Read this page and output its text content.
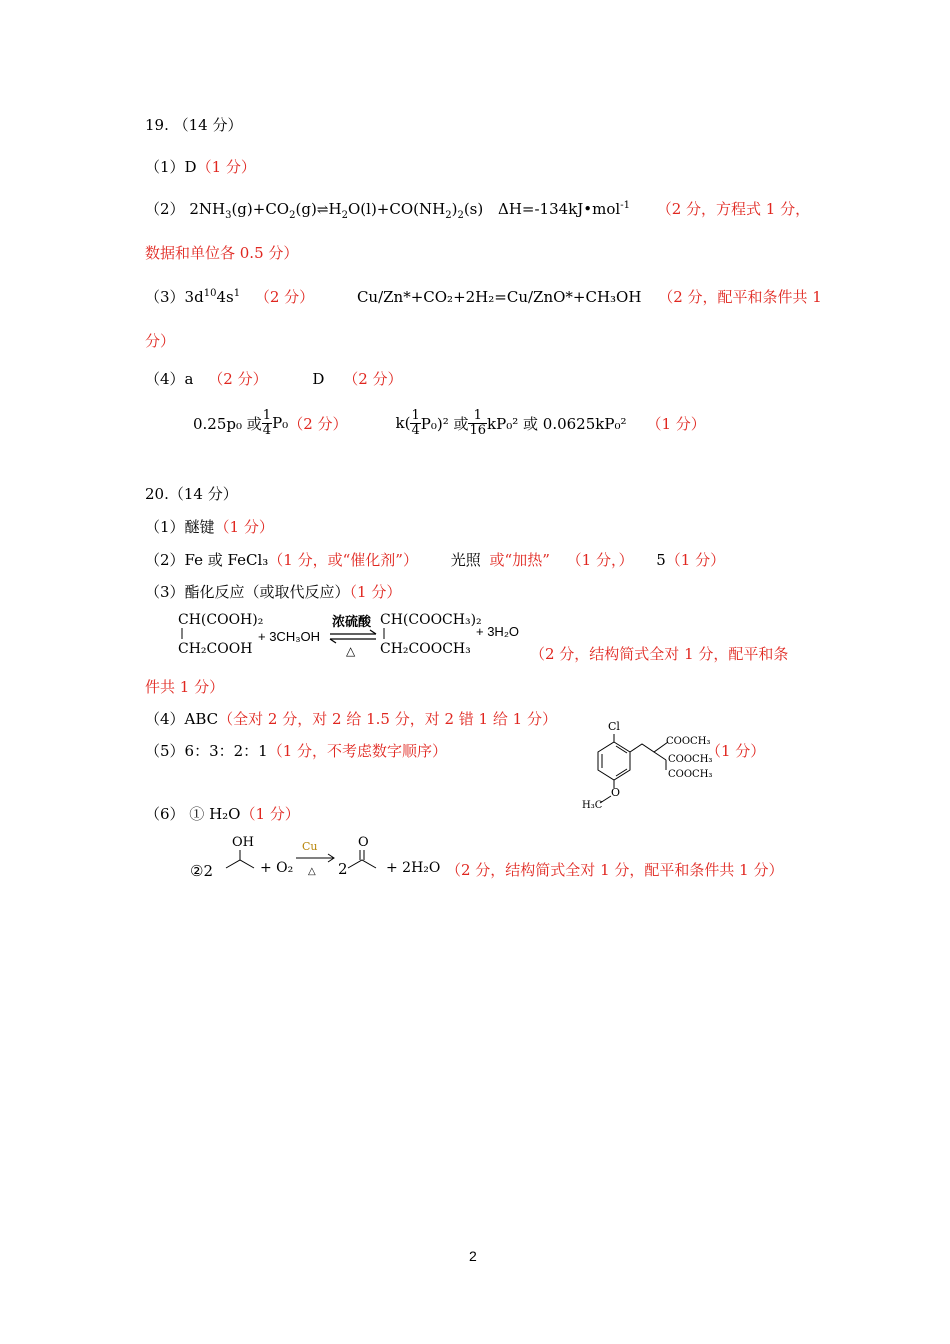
19. （14 分）
（1）D（1 分）
（2） $2NH_3(g)+CO_2(g)\rightleftharpoons H_2O(l)+CO(NH_2)_2(s)$ ΔH=-134kJ•mol$^{-1}$ （2 分，方程式 1 分，
数据和单位各 0.5 分）
$(3)3d^{10}4s^1$ （2 分）	Cu/Zn*+CO₂+2H₂=Cu/ZnO*+CH₃OH （2 分，配平和条件共 1
分）
（4）a （2 分）	D （2 分）
0.25p₀ 或 $\frac{1}{4} P_0$ （2 分）	$k( \frac{1}{4} P_0)^2$ 或 $\frac{1}{16} kP_0^2$ 或 0.0625kP₀² （1 分）
20.（14 分）
（1）醚键（1 分）
（2）Fe 或 FeCl₃（1 分，或“催化剂”） 光照 或“加热” （1 分，） 5（1 分）
（3）酯化反应（或取代反应）（1 分）
CH(COOH)₂
CH₂COOH
+ 3CH₃OH
浓硫酸
△
CH(COOCH₃)₂
CH₂COOCH₃
+ 3H₂O
（2 分，结构简式全对 1 分，配平和条
件共 1 分）
（4）ABC（全对 2 分，对 2 给 1.5 分，对 2 错 1 给 1 分）
（5）6：3：2：1（1 分，不考虑数字顺序）
Cl
COOCH₃
COOCH₃
COOCH₃
O
H₃C
（1 分）
（6） ① H₂O（1 分）
②2
OH
+ O₂
Cu
△ 2
O
+ 2H₂O （2 分，结构简式全对 1 分，配平和条件共 1 分）
2
